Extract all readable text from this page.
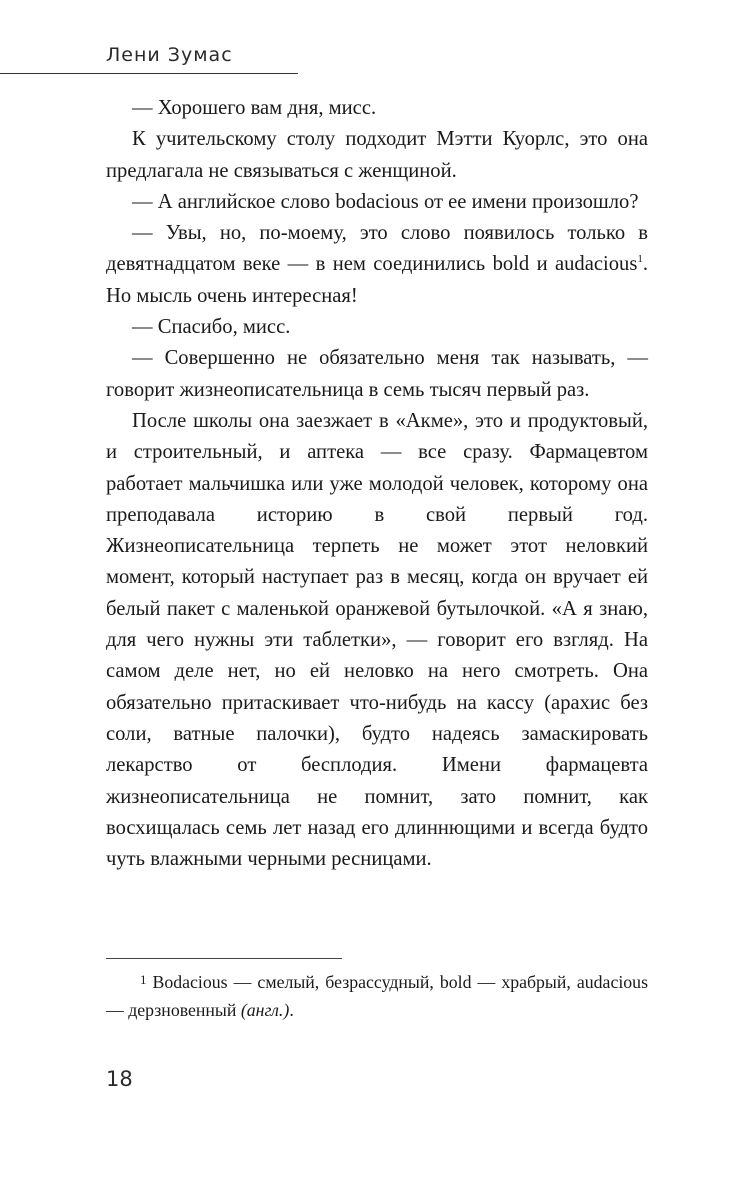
Лени Зумас

— Хорошего вам дня, мисс.

К учительскому столу подходит Мэтти Куорлс, это она предлагала не связываться с женщиной.

— А английское слово bodacious от ее имени произошло?

— Увы, но, по-моему, это слово появилось только в девятнадцатом веке — в нем соединились bold и audacious$^1$. Но мысль очень интересная!

— Спасибо, мисс.

— Совершенно не обязательно меня так называть, — говорит жизнеописательница в семь тысяч первый раз.

После школы она заезжает в «Акме», это и продуктовый, и строительный, и аптека — все сразу. Фармацевтом работает мальчишка или уже молодой человек, которому она преподавала историю в свой первый год. Жизнеописательница терпеть не может этот неловкий момент, который наступает раз в месяц, когда он вручает ей белый пакет с маленькой оранжевой бутылочкой. «А я знаю, для чего нужны эти таблетки», — говорит его взгляд. На самом деле нет, но ей неловко на него смотреть. Она обязательно притаскивает что-нибудь на кассу (арахис без соли, ватные палочки), будто надеясь замаскировать лекарство от бесплодия. Имени фармацевта жизнеописательница не помнит, зато помнит, как восхищалась семь лет назад его длиннющими и всегда будто чуть влажными черными ресницами.

1 Bodacious — смелый, безрассудный, bold — храбрый, audacious — дерзновенный (англ.).
18
